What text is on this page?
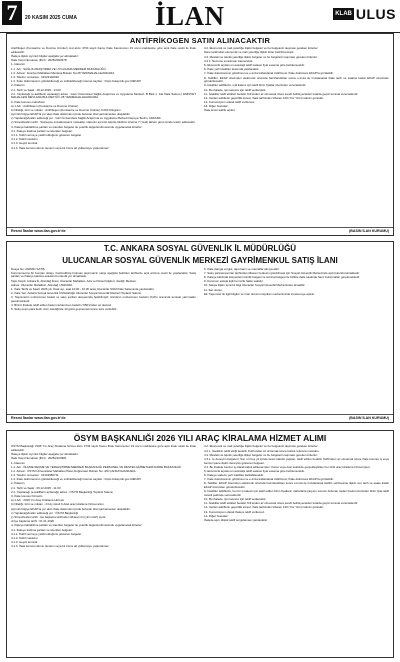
7	20 KASIM 2025 CUMA	İLAN	KLAB ULUS
ANTİFRİKOGEN SATIN ALINACAKTIR

Antifrikojen (Konsantre ve Domine Ürünler) mal alımı 4734 sayılı Kamu İhale Kanununun 19 uncu maddesine göre açık ihale usulü ile ihale edilecektir.

İhaleye ilişkin ayrıntılı bilgiler aşağıda yer almaktadır:

İhale Kayıt Numarası (İKN) : 2025/2093378

1- İdarenin

1.1. Adı : SAĞLIK ARAŞTIRMA VE UYGULAMA MERKEZİ MÜDÜRLÜĞÜ

1.2. Adresi : Emniyet Mahallesi Mevlana Bulvarı No:28 YENİMAHALLE/ANKARA

1.3. Telefon numarası : 03123102030

1.4. İhale dokümanının görülebileceği ve indirilebileceği internet sayfası : https://ekap.kik.gov.tr/EKAP/

2- İhalenin

2.1. Tarih ve Saati : 18.12.2025 - 14:00

2.2. Yapılacağı (e-tekliflerin açılacağı) adres : Gazi Üniversitesi Sağlık Araştırma ve Uygulama Merkezi, B Blok 1. Kat İhale Salonu | EMNİYET MAHALLESİ MEVLANA BULVARI NO: 28 YENİMAHALLE/ANKARA

3- İhale konusu malın/ların

a) 1 Adı : Antifrikojen (Konsantre ve Domine Ürünler)

b) Niteliği, türü ve miktarı : Antifrikojen (Konsantre ve Domine Ürünler) 6.000 Kilogram

Ayrıntılı bilgiye EKAP'ta yer alan ihale dokümanı içinde bulunan idari şartnameden ulaşılabilir.

c) Yapılacağı/teslim edileceği yer : Gazi Üniversitesi Sağlık Araştırma ve Uygulama Merkezi Depoya Teslim, ANKARA

ç) Süresi/teslim tarihi : Sözleşme imzalanmasını müteakip, idarenin ayrıntılı işlerde bildirimi üzerine 7 (Yedi) takvim günü içinde teslim edilecektir.

4- İhaleye katılabilme şartları ve istenilen belgeler ile yeterlik değerlendirmesinde uygulanacak kriterler:

4.1. İhaleye katılma şartları ve istenilen belgeler:

4.1.1. Teklif vermeye yetkili olduğunu gösteren belgeler

4.1.2. Teklif mektubu

4.1.3. Geçici teminat

4.1.4. İhale konusu alımın tamamı veya bir kısmı alt yükleniciye yaptırılamaz.

4.2. Ekonomik ve mali yeterliğe ilişkin belgeler ve bu belgelerin taşıması gereken kriterler:

İdare tarafından ekonomik ve mali yeterliğe ilişkin kriter belirtilmemiştir.

4.3. Mesleki ve teknik yeterliğe ilişkin belgeler ve bu belgelerin taşıması gereken kriterler:

4.3.1. Numune sunulması istenecektir.

5- Ekonomik açıdan en avantajlı teklif sadece fiyat esasına göre belirlenecektir.

6- İhale yerli istekliler arasında yapılacaktır.

7- İhale dokümanının görülmesi ve e-imza kullanılarak indirilmesi: İhale dokümanı EKAP'ta görülebilir.

8- Teklifler, EKAP üzerinden elektronik ortamda hazırlandıktan sonra e-imza ile imzalanarak ihale tarih ve saatine kadar EKAP üzerinden gönderilecektir.

9- İstekliler tekliflerini, mal kalemi için teklif birim fiyatlar üzerinden vereceklerdir.

10- Bu ihalede, işin tamamı için teklif verilecektir.

11- İstekliler teklif ettikleri bedelin %3'ünden az olmamak üzere kendi belirleyecekleri tutarda geçici teminat vereceklerdir.

12- Verilen tekliflerin geçerlilik süresi, ihale tarihinden itibaren 120 (Yüz Yirmi) takvim günüdür.

13- Konsorsiyum olarak teklif verilemez.

14- Diğer hususlar:

İhale kısmi teklife açıktır.

Resmi İlanlar www.ilan.gov.tr'de	(BASIN İLAN KURUMU)
T.C. ANKARA SOSYAL GÜVENLİK İL MÜDÜRLÜĞÜ
ULUCANLAR SOSYAL GÜVENLİK MERKEZİ GAYRİMENKUL SATIŞ İLANI

Dosya No: 2025/01 SATIŞ

Kurumumuzca bir borçtan dolayı, hacizedilmiş bulunan taşınmazın satışı aşağıda belirtilen tarihlerde açık artırma usulü ile yapılacaktır. Satış şartları ve ihaleye katılma esasları bu ilanda yer almaktadır.

Tapu Kaydı: Ankara İli, Altındağ İlçesi, Ulucanlar Mahallesi, Ada ve Parsel bilgileri, niteliği: Mesken.

Adresi: Ulucanlar Mahallesi, Altındağ / ANKARA

1. İhale Tarihi ve Saati: 2026 yılı Ocak ayı, saat 10:00 - 10:30 arası Ulucanlar SGM İhale Salonunda yapılacaktır.

2. İhale Yeri: Ankara Sosyal Güvenlik İl Müdürlüğü Ulucanlar Sosyal Güvenlik Merkezi Toplantı Salonu.

3. Taşınmazın muhammen bedeli ve satış şartları dosyasında belirtilmiştir. Alıcıların muhammen bedelin %10'u oranında teminat yatırmaları gerekmektedir.

4. Birinci ihalede teklif edilen bedel muhammen bedelin %50'sinden az olamaz.

5. Satış peşin para iledir. Alıcı istediğinde 10 günü geçmemek üzere süre verilebilir.

6. İhale damga vergisi, tapu harcı ve masraflar alıcıya aittir.

7. Satış şartnamesi ilan tarihinden itibaren herkesin görebilmesi için Sosyal Güvenlik Merkezinde açık bulundurulmaktadır.

8. İhaleye katılmak isteyenlerin kimlik belgesi ve teminat belgesi ile birlikte ihale saatinde hazır bulunmaları gerekmektedir.

9. Kurumun satışla ilgili her türlü hakkı saklıdır.

10. Satışa ilişkin ayrıntılı bilgi Ulucanlar Sosyal Güvenlik Merkezinden alınabilir.

11. İlan olunur.

Ek: Taşınmaz ile ilgili bilgiler ve imar durumu kayıtları merkezimizde incelemeye açıktır.

Resmi İlanlar www.ilan.gov.tr'de	(BASIN İLAN KURUMU)
ÖSYM BAŞKANLIĞI 2026 YILI ARAÇ KİRALAMA HİZMET ALIMI

ÖSYM Başkanlığı 2026 Yılı Araç Kiralama hizmet alımı 4734 sayılı Kamu İhale Kanununun 19 uncu maddesine göre açık ihale usulü ile ihale edilecektir.

İhaleye ilişkin ayrıntılı bilgiler aşağıda yer almaktadır:

İhale Kayıt Numarası (İKN) : 2025/2103981

1- İdarenin

1.1. Adı : ÖLÇME SEÇME VE YERLEŞTİRME MERKEZİ BAŞKANLIĞI PERSONEL VE DESTEK HİZMETLERİ DAİRE BAŞKANLIĞI

1.2. Adresi : ÖSYM Üniversiteler Mahallesi İhsan Doğramacı Bulvarı No: 4/D ÇANKAYA/ANKARA

1.3. Telefon numarası : 03122980711

1.4. İhale dokümanının görülebileceği ve indirilebileceği internet sayfası : https://ekap.kik.gov.tr/EKAP/

2- İhalenin

2.1. Tarih ve Saati : 09.12.2025 - 11:00

2.2. Yapılacağı (e-tekliflerin açılacağı) adres : ÖSYM Başkanlığı Toplantı Salonu

3- İhale konusu hizmetin

a) 1 Adı : 2026 Yılı Araç Kiralama Hizmeti

b) Niteliği, türü ve miktarı : 24 Ay süreli 6 Adet araç kiralama hizmet alımı

Ayrıntılı bilgiye EKAP'ta yer alan ihale dokümanı içinde bulunan idari şartnameden ulaşılabilir.

c) Yapılacağı/teslim edileceği yer : ÖSYM Başkanlığı

ç) Süresi/teslim tarihi : İşe başlama tarihinden itibaren 24 (yirmi dört) aydır.

d) İşe başlama tarihi : 01.01.2026

4- İhaleye katılabilme şartları ve istenilen belgeler ile yeterlik değerlendirmesinde uygulanacak kriterler:

4.1. İhaleye katılma şartları ve istenilen belgeler:

4.1.1. Teklif vermeye yetkili olduğunu gösteren belgeler

4.1.2. Teklif mektubu

4.1.3. Geçici teminat

4.1.4. İhale konusu alımın tamamı veya bir kısmı alt yükleniciye yaptırılamaz.

4.2. Ekonomik ve mali yeterliğe ilişkin belgeler ve bu belgelerin taşıması gereken kriterler:

4.2.1. İsteklinin teklif ettiği bedelin %10'undan az olmamak üzere banka referans mektubu.

4.3. Mesleki ve teknik yeterliğe ilişkin belgeler ve bu belgelerin taşıması gereken kriterler:

4.3.1. İş deneyim belgeleri: Son on beş yıl içinde kesin kabulü yapılan, teklif edilen bedelin %25'inden az olmamak üzere ihale konusu iş veya benzer işlere ilişkin deneyimi gösteren belgeler.

4.4. Bu ihalede benzer iş olarak kabul edilecek işler: Kamu veya özel sektörde gerçekleştirilen her türlü araç kiralama hizmet işleri.

5- Ekonomik açıdan en avantajlı teklif sadece fiyat esasına göre belirlenecektir.

6- İhaleye sadece yerli istekliler katılabilecektir.

7- İhale dokümanının görülmesi ve e-imza kullanılarak indirilmesi: İhale dokümanı EKAP'ta görülebilir.

8- Teklifler, EKAP üzerinden elektronik ortamda hazırlandıktan sonra e-imza ile imzalanarak teklifin verilmesine ilişkin son tarih ve saate kadar EKAP üzerinden gönderilecektir.

9- İstekliler tekliflerini, her bir iş kalemi için teklif edilen birim fiyatların miktarlarla çarpımı sonucu bulunan toplam bedel üzerinden birim fiyat teklif cetveli şeklinde vereceklerdir.

10- Bu ihalede, işin tamamı için teklif verilecektir.

11- İstekliler teklif ettikleri bedelin %3'ünden az olmamak üzere kendi belirleyecekleri tutarda geçici teminat vereceklerdir.

12- Verilen tekliflerin geçerlilik süresi, ihale tarihinden itibaren 120 (Yüz Yirmi) takvim günüdür.

13- Konsorsiyum olarak ihaleye teklif verilemez.

14- Diğer hususlar:

İhalede aşırı düşük teklif sorgulaması yapılacaktır.
